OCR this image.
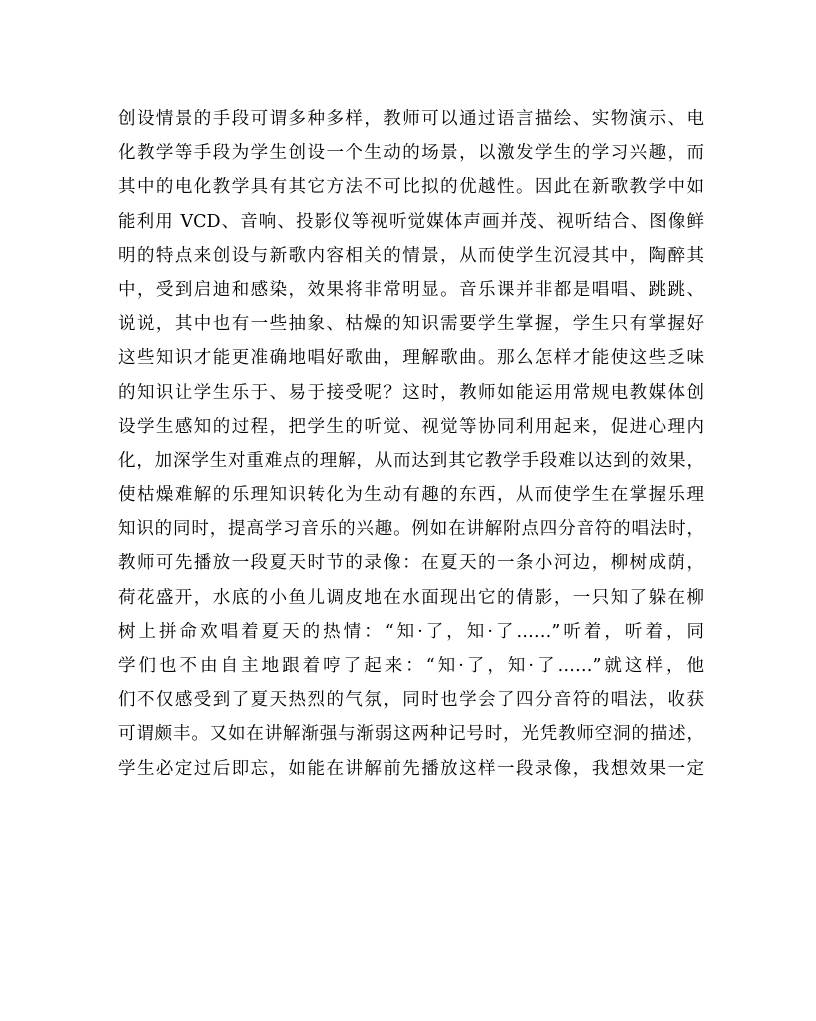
创设情景的手段可谓多种多样，教师可以通过语言描绘、实物演示、电
化教学等手段为学生创设一个生动的场景，以激发学生的学习兴趣，而
其中的电化教学具有其它方法不可比拟的优越性。因此在新歌教学中如
能利用 VCD、音响、投影仪等视听觉媒体声画并茂、视听结合、图像鲜
明的特点来创设与新歌内容相关的情景，从而使学生沉浸其中，陶醉其
中，受到启迪和感染，效果将非常明显。音乐课并非都是唱唱、跳跳、
说说，其中也有一些抽象、枯燥的知识需要学生掌握，学生只有掌握好
这些知识才能更准确地唱好歌曲，理解歌曲。那么怎样才能使这些乏味
的知识让学生乐于、易于接受呢？这时，教师如能运用常规电教媒体创
设学生感知的过程，把学生的听觉、视觉等协同利用起来，促进心理内
化，加深学生对重难点的理解，从而达到其它教学手段难以达到的效果，
使枯燥难解的乐理知识转化为生动有趣的东西，从而使学生在掌握乐理
知识的同时，提高学习音乐的兴趣。例如在讲解附点四分音符的唱法时，
教师可先播放一段夏天时节的录像：在夏天的一条小河边，柳树成荫，
荷花盛开，水底的小鱼儿调皮地在水面现出它的倩影，一只知了躲在柳
树上拼命欢唱着夏天的热情：“知·了，知·了……”听着，听着，同
学们也不由自主地跟着哼了起来：“知·了，知·了……”就这样，他
们不仅感受到了夏天热烈的气氛，同时也学会了四分音符的唱法，收获
可谓颇丰。又如在讲解渐强与渐弱这两种记号时，光凭教师空洞的描述，
学生必定过后即忘，如能在讲解前先播放这样一段录像，我想效果一定
